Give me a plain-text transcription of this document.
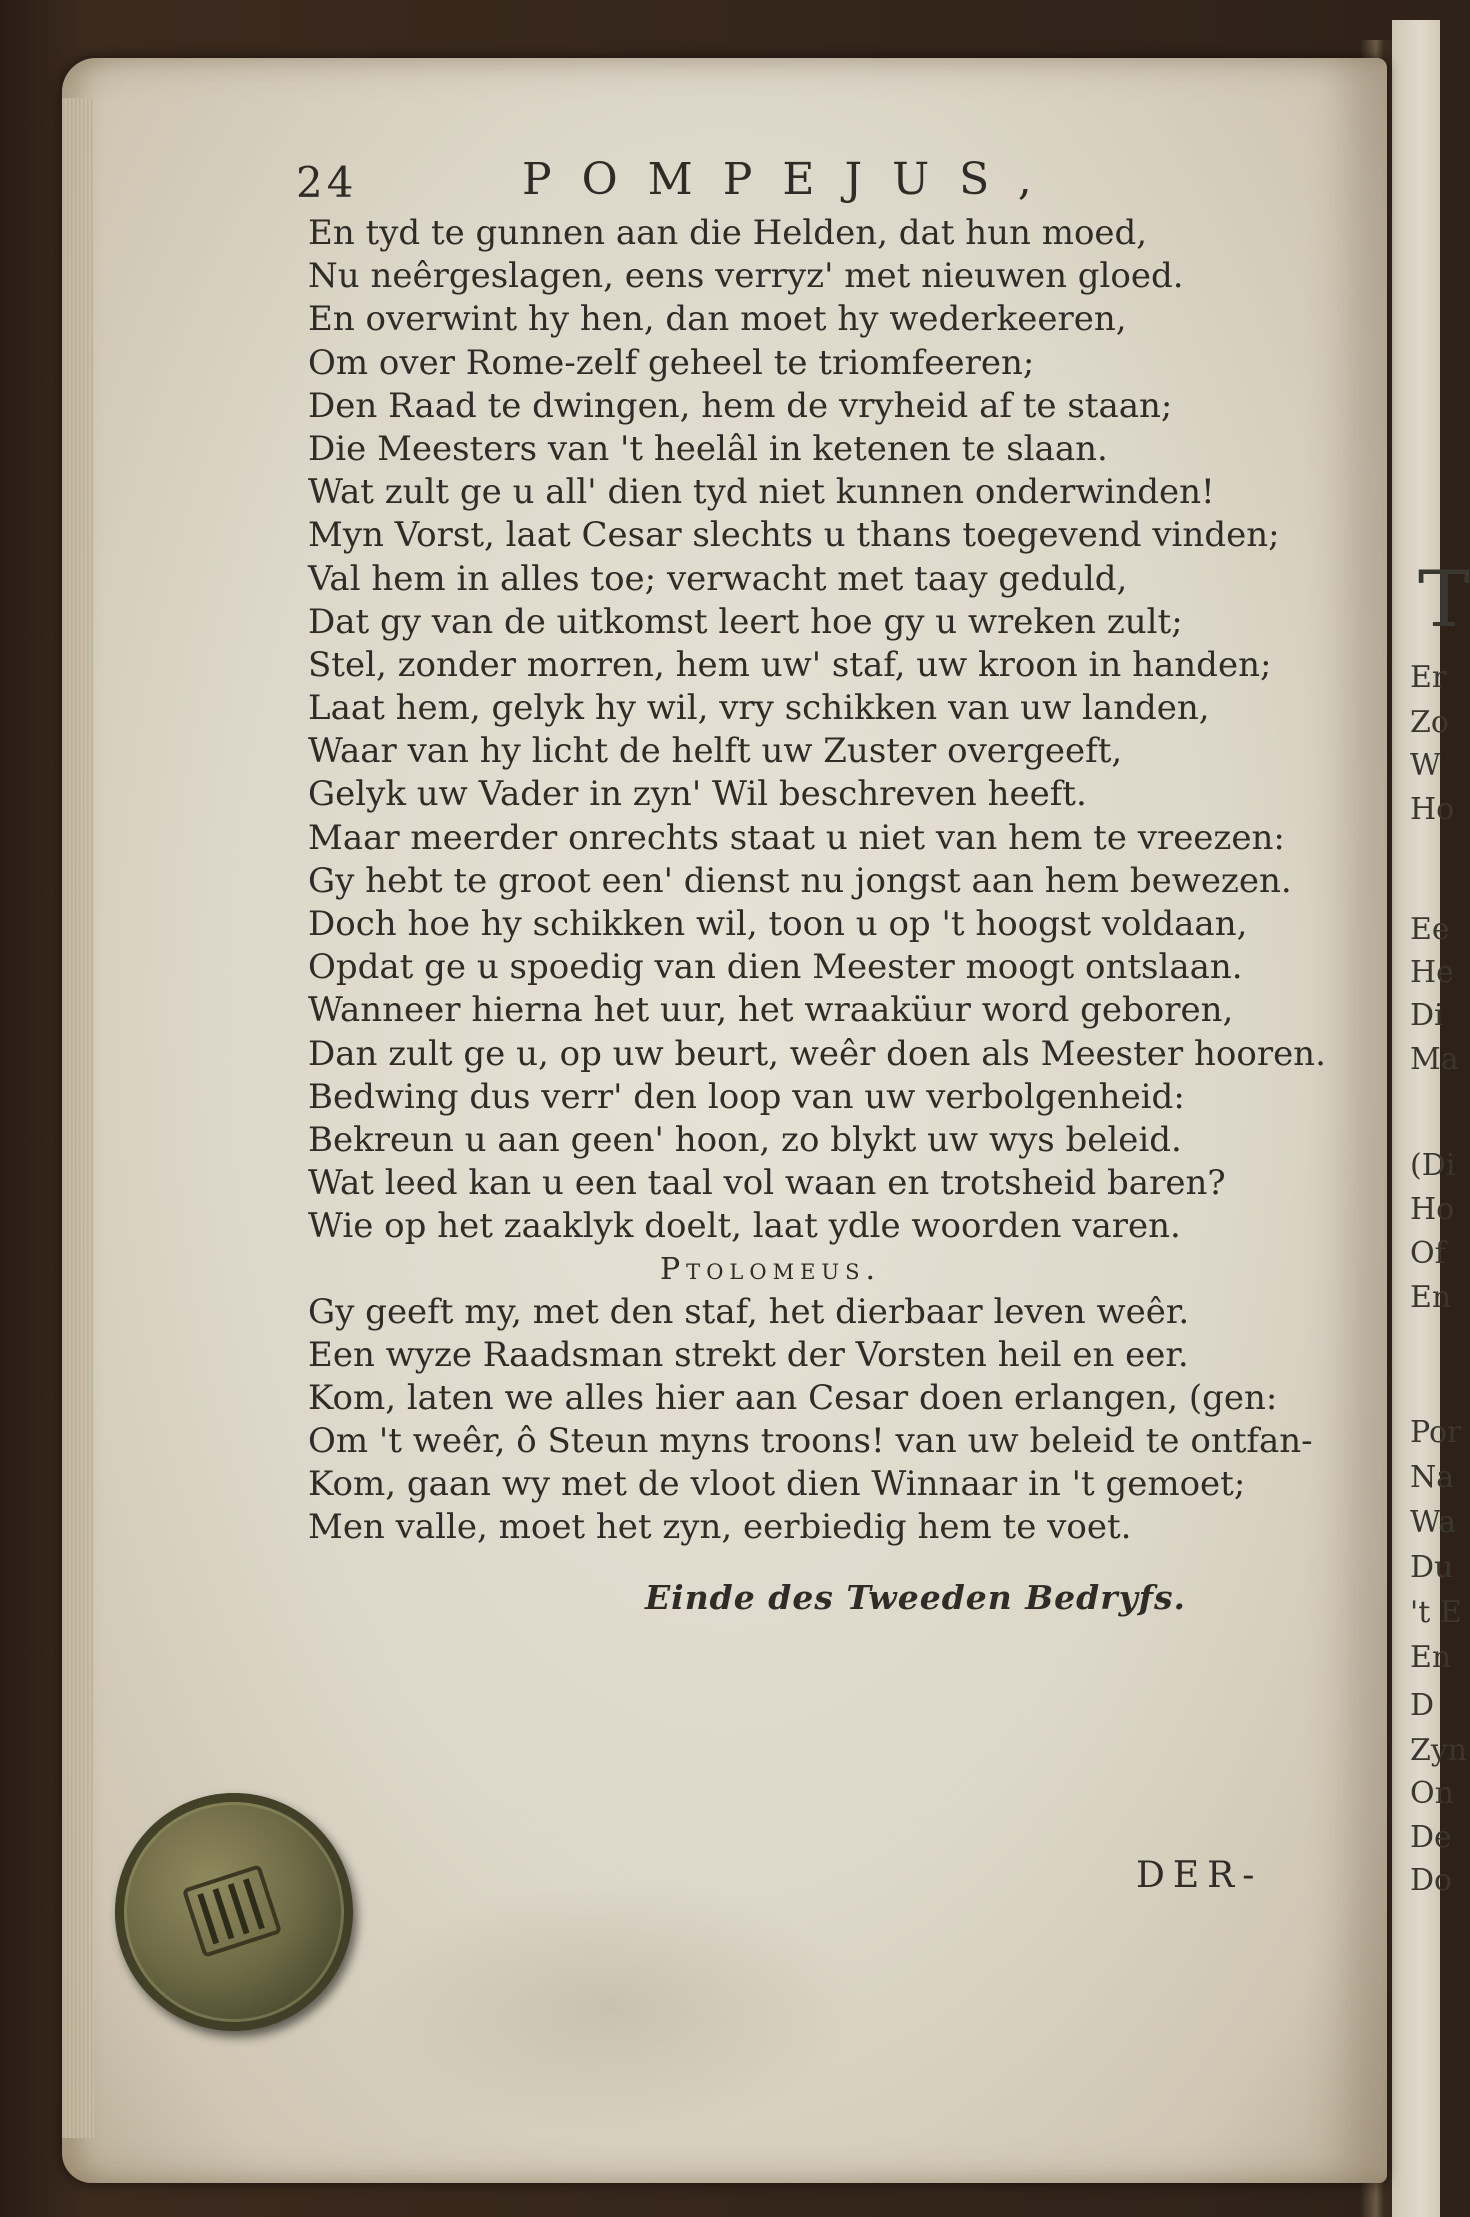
T
Er
Zo
W
Ho
Ee
He
Di
Ma
(Di
Ho
Of
En
Por
Na
Wa
Du
't E
En
D
Zyn
On
De
Do
24	POMPEJUS,
En tyd te gunnen aan die Helden, dat hun moed,
Nu neêrgeslagen, eens verryz' met nieuwen gloed.
En overwint hy hen, dan moet hy wederkeeren,
Om over Rome-zelf geheel te triomfeeren;
Den Raad te dwingen, hem de vryheid af te staan;
Die Meesters van 't heelâl in ketenen te slaan.
Wat zult ge u all' dien tyd niet kunnen onderwinden!
Myn Vorst, laat Cesar slechts u thans toegevend vinden;
Val hem in alles toe; verwacht met taay geduld,
Dat gy van de uitkomst leert hoe gy u wreken zult;
Stel, zonder morren, hem uw' staf, uw kroon in handen;
Laat hem, gelyk hy wil, vry schikken van uw landen,
Waar van hy licht de helft uw Zuster overgeeft,
Gelyk uw Vader in zyn' Wil beschreven heeft.
Maar meerder onrechts staat u niet van hem te vreezen:
Gy hebt te groot een' dienst nu jongst aan hem bewezen.
Doch hoe hy schikken wil, toon u op 't hoogst voldaan,
Opdat ge u spoedig van dien Meester moogt ontslaan.
Wanneer hierna het uur, het wraaküur word geboren,
Dan zult ge u, op uw beurt, weêr doen als Meester hooren.
Bedwing dus verr' den loop van uw verbolgenheid:
Bekreun u aan geen' hoon, zo blykt uw wys beleid.
Wat leed kan u een taal vol waan en trotsheid baren?
Wie op het zaaklyk doelt, laat ydle woorden varen.
Ptolomeus.
Gy geeft my, met den staf, het dierbaar leven weêr.
Een wyze Raadsman strekt der Vorsten heil en eer.
Kom, laten we alles hier aan Cesar doen erlangen, (gen:
Om 't weêr, ô Steun myns troons! van uw beleid te ontfan-
Kom, gaan wy met de vloot dien Winnaar in 't gemoet;
Men valle, moet het zyn, eerbiedig hem te voet.
Einde des Tweeden Bedryfs.
DER-
